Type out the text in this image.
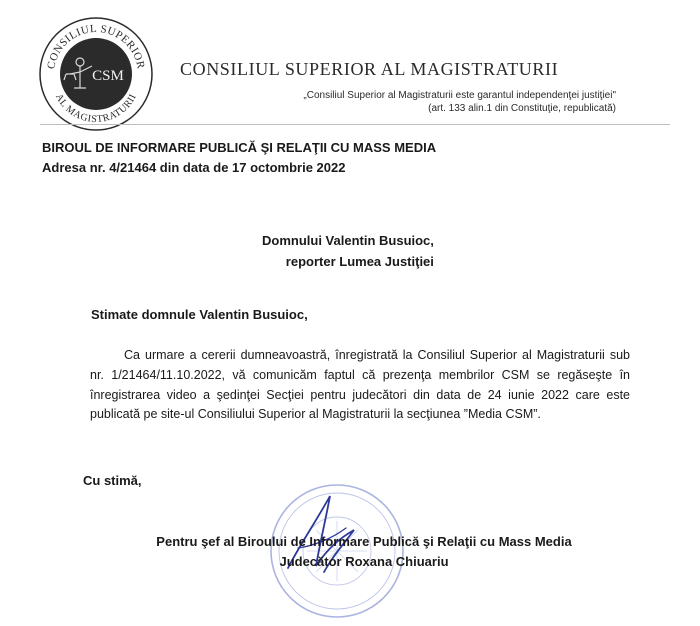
CONSILIUL SUPERIOR
AL MAGISTRATURII
CSM	CONSILIUL SUPERIOR AL MAGISTRATURII
„Consiliul Superior al Magistraturii este garantul independenţei justiţiei"
(art. 133 alin.1 din Constituţie, republicată)
BIROUL DE INFORMARE PUBLICĂ ŞI RELAŢII CU MASS MEDIA
Adresa nr. 4/21464 din data de 17 octombrie 2022
Domnului Valentin Busuioc,
reporter Lumea Justiţiei
Stimate domnule Valentin Busuioc,
Ca urmare a cererii dumneavoastră, înregistrată la Consiliul Superior al Magistraturii sub nr. 1/21464/11.10.2022, vă comunicăm faptul că prezenţa membrilor CSM se regăseşte în înregistrarea video a şedinţei Secţiei pentru judecători din data de 24 iunie 2022 care este publicată pe site-ul Consiliului Superior al Magistraturii la secţiunea ”Media CSM”.
Cu stimă,
Pentru şef al Biroului de Informare Publică şi Relaţii cu Mass Media
Judecător Roxana Chiuariu
